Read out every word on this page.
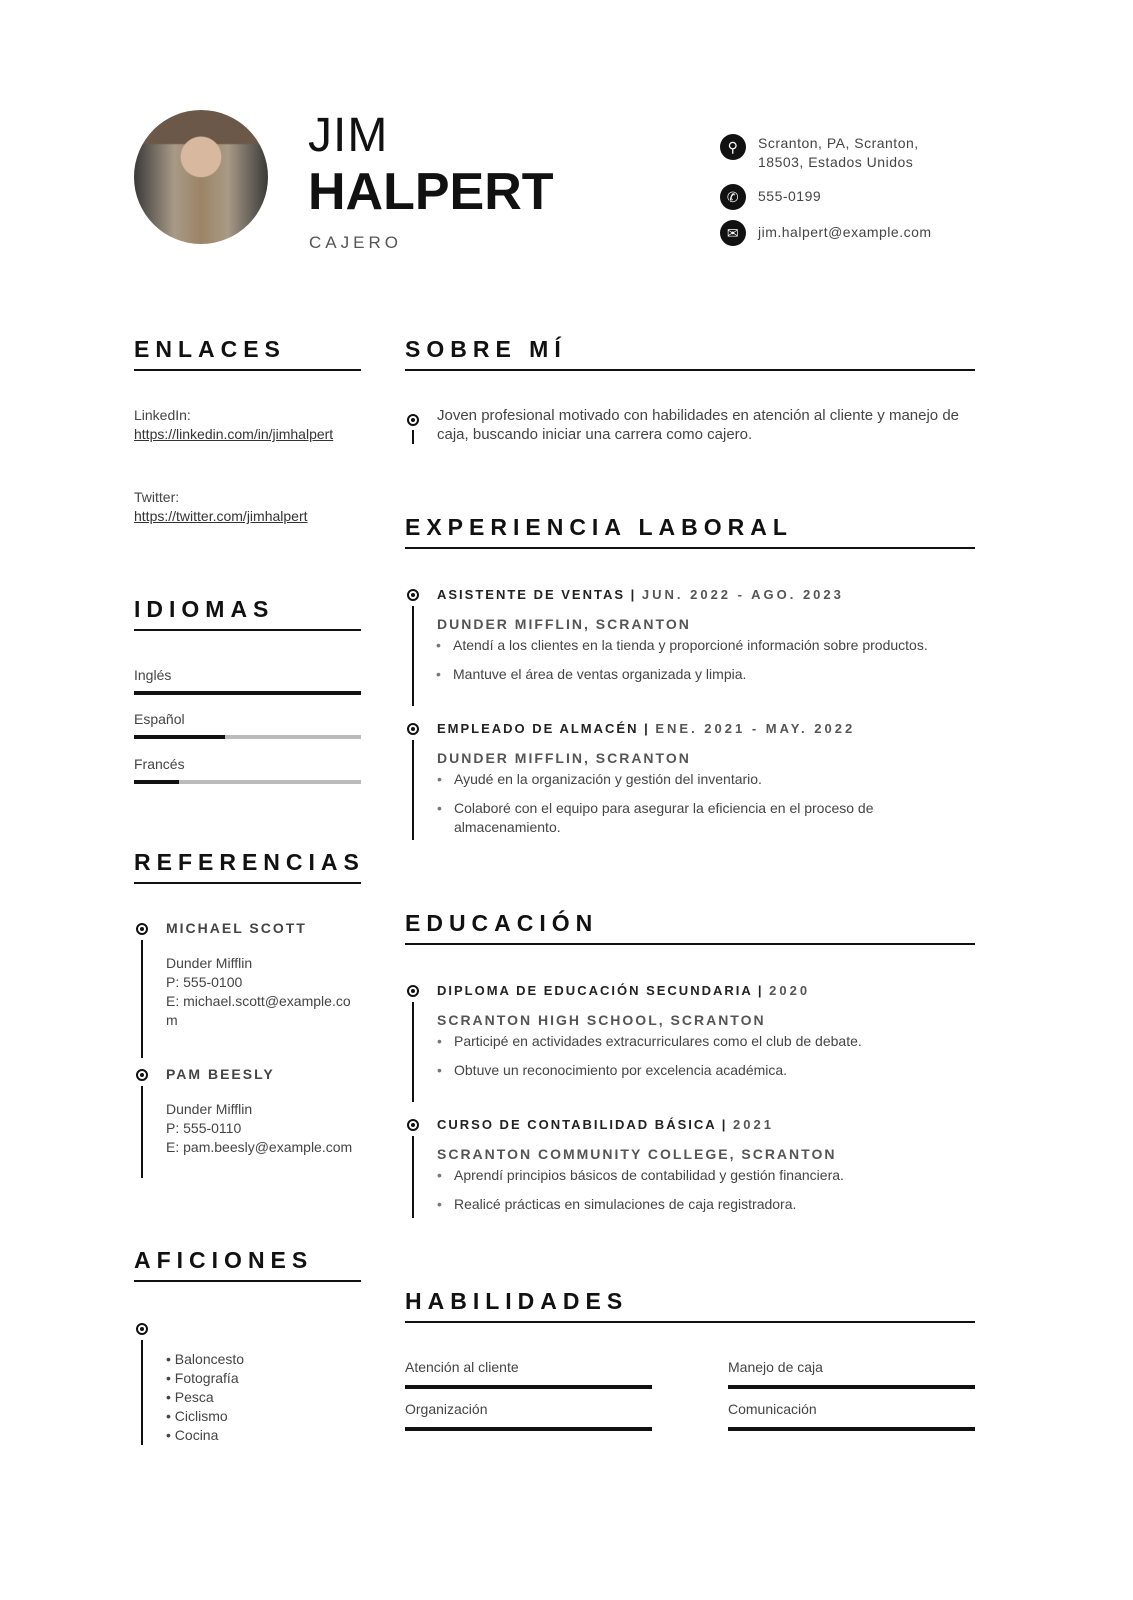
JIM
HALPERT
CAJERO
⚲	Scranton, PA, Scranton,
18503, Estados Unidos
✆	555-0199
✉	jim.halpert@example.com
ENLACES
LinkedIn:
https://linkedin.com/in/jimhalpert
Twitter:
https://twitter.com/jimhalpert
IDIOMAS
Inglés
Español
Francés
REFERENCIAS
MICHAEL SCOTT
Dunder Mifflin
P: 555-0100
E: michael.scott@example.com
PAM BEESLY
Dunder Mifflin
P: 555-0110
E: pam.beesly@example.com
AFICIONES
• Baloncesto
• Fotografía
• Pesca
• Ciclismo
• Cocina
SOBRE MÍ
Joven profesional motivado con habilidades en atención al cliente y manejo de caja, buscando iniciar una carrera como cajero.
EXPERIENCIA LABORAL
ASISTENTE DE VENTAS | JUN. 2022 - AGO. 2023
DUNDER MIFFLIN, SCRANTON
• Atendí a los clientes en la tienda y proporcioné información sobre productos.
• Mantuve el área de ventas organizada y limpia.
EMPLEADO DE ALMACÉN | ENE. 2021 - MAY. 2022
DUNDER MIFFLIN, SCRANTON
• Ayudé en la organización y gestión del inventario.
• Colaboré con el equipo para asegurar la eficiencia en el proceso de almacenamiento.
EDUCACIÓN
DIPLOMA DE EDUCACIÓN SECUNDARIA | 2020
SCRANTON HIGH SCHOOL, SCRANTON
• Participé en actividades extracurriculares como el club de debate.
• Obtuve un reconocimiento por excelencia académica.
CURSO DE CONTABILIDAD BÁSICA | 2021
SCRANTON COMMUNITY COLLEGE, SCRANTON
• Aprendí principios básicos de contabilidad y gestión financiera.
• Realicé prácticas en simulaciones de caja registradora.
HABILIDADES
Atención al cliente	Manejo de caja
Organización	Comunicación
